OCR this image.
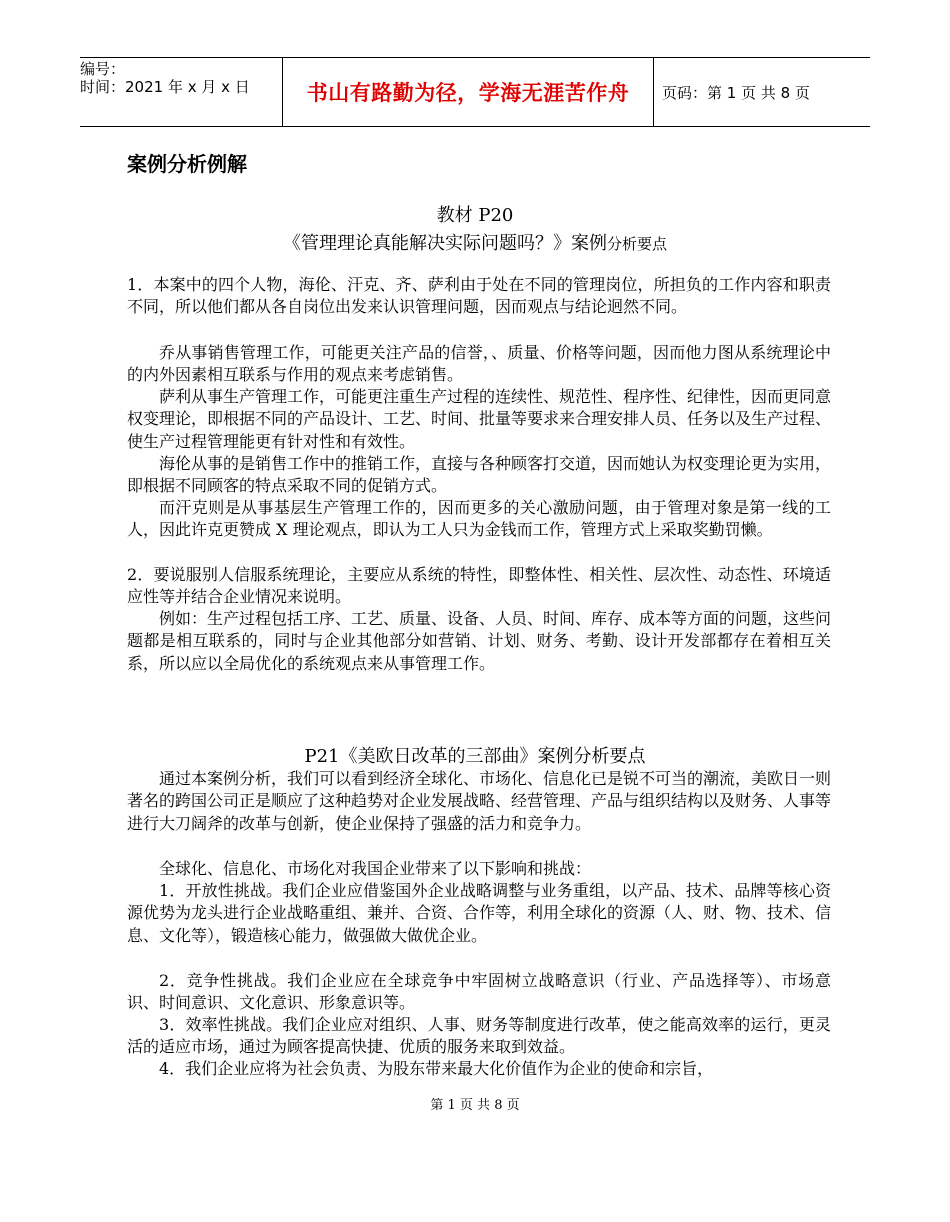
编号：
时间：2021 年 x 月 x 日	书山有路勤为径，学海无涯苦作舟 页码：第 1 页 共 8 页
案例分析例解
教材 P20
《管理理论真能解决实际问题吗？》案例分析要点

1．本案中的四个人物，海伦、汗克、齐、萨利由于处在不同的管理岗位，所担负的工作内容和职责不同，所以他们都从各自岗位出发来认识管理问题，因而观点与结论迥然不同。

乔从事销售管理工作，可能更关注产品的信誉，、质量、价格等问题，因而他力图从系统理论中的内外因素相互联系与作用的观点来考虑销售。

萨利从事生产管理工作，可能更注重生产过程的连续性、规范性、程序性、纪律性，因而更同意权变理论，即根据不同的产品设计、工艺、时间、批量等要求来合理安排人员、任务以及生产过程、使生产过程管理能更有针对性和有效性。

海伦从事的是销售工作中的推销工作，直接与各种顾客打交道，因而她认为权变理论更为实用，即根据不同顾客的特点采取不同的促销方式。

而汗克则是从事基层生产管理工作的，因而更多的关心激励问题，由于管理对象是第一线的工人，因此许克更赞成 X 理论观点，即认为工人只为金钱而工作，管理方式上采取奖勤罚懒。

2．要说服别人信服系统理论，主要应从系统的特性，即整体性、相关性、层次性、动态性、环境适应性等并结合企业情况来说明。

例如：生产过程包括工序、工艺、质量、设备、人员、时间、库存、成本等方面的问题，这些问题都是相互联系的，同时与企业其他部分如营销、计划、财务、考勤、设计开发部都存在着相互关系，所以应以全局优化的系统观点来从事管理工作。

P21《美欧日改革的三部曲》案例分析要点

通过本案例分析，我们可以看到经济全球化、市场化、信息化已是锐不可当的潮流，美欧日一则著名的跨国公司正是顺应了这种趋势对企业发展战略、经营管理、产品与组织结构以及财务、人事等进行大刀阔斧的改革与创新，使企业保持了强盛的活力和竞争力。

全球化、信息化、市场化对我国企业带来了以下影响和挑战：

1．开放性挑战。我们企业应借鉴国外企业战略调整与业务重组，以产品、技术、品牌等核心资源优势为龙头进行企业战略重组、兼并、合资、合作等，利用全球化的资源（人、财、物、技术、信息、文化等），锻造核心能力，做强做大做优企业。

2．竞争性挑战。我们企业应在全球竞争中牢固树立战略意识（行业、产品选择等）、市场意识、时间意识、文化意识、形象意识等。

3．效率性挑战。我们企业应对组织、人事、财务等制度进行改革，使之能高效率的运行，更灵活的适应市场，通过为顾客提高快捷、优质的服务来取到效益。

4．我们企业应将为社会负责、为股东带来最大化价值作为企业的使命和宗旨，

第 1 页 共 8 页
